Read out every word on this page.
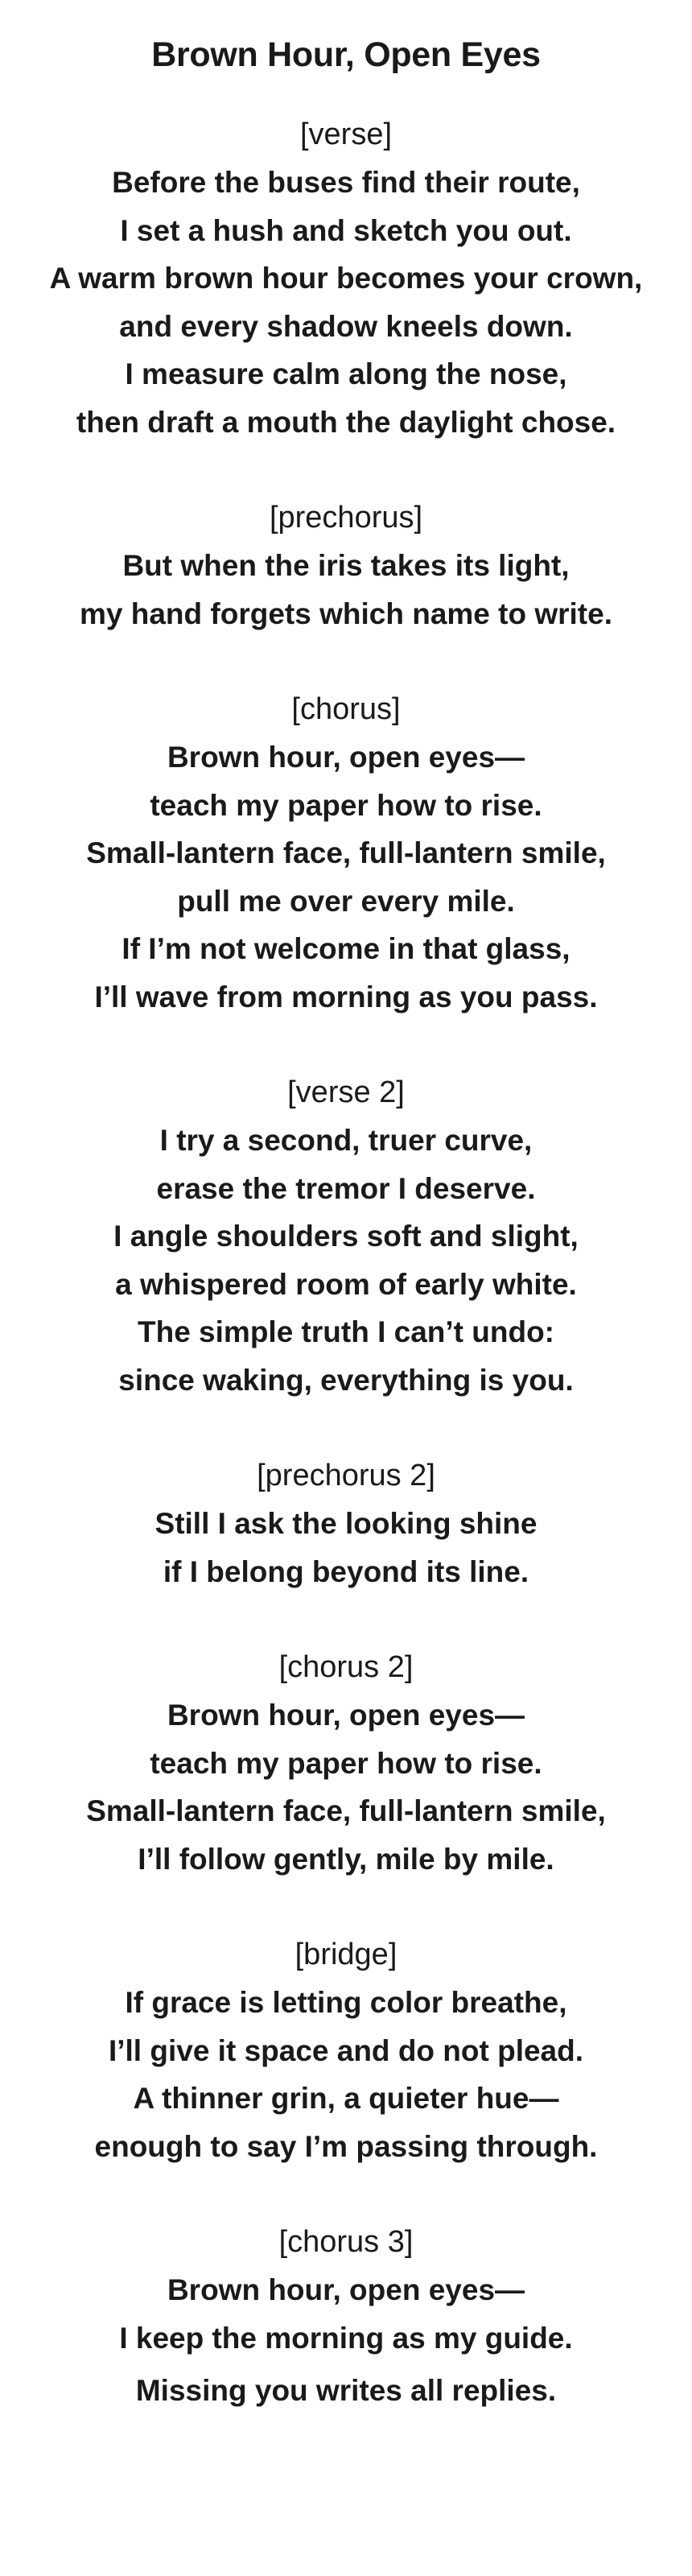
Brown Hour, Open Eyes
[verse]
Before the buses find their route,
I set a hush and sketch you out.
A warm brown hour becomes your crown,
and every shadow kneels down.
I measure calm along the nose,
then draft a mouth the daylight chose.
[prechorus]
But when the iris takes its light,
my hand forgets which name to write.
[chorus]
Brown hour, open eyes—
teach my paper how to rise.
Small-lantern face, full-lantern smile,
pull me over every mile.
If I’m not welcome in that glass,
I’ll wave from morning as you pass.
[verse 2]
I try a second, truer curve,
erase the tremor I deserve.
I angle shoulders soft and slight,
a whispered room of early white.
The simple truth I can’t undo:
since waking, everything is you.
[prechorus 2]
Still I ask the looking shine
if I belong beyond its line.
[chorus 2]
Brown hour, open eyes—
teach my paper how to rise.
Small-lantern face, full-lantern smile,
I’ll follow gently, mile by mile.
[bridge]
If grace is letting color breathe,
I’ll give it space and do not plead.
A thinner grin, a quieter hue—
enough to say I’m passing through.
[chorus 3]
Brown hour, open eyes—
I keep the morning as my guide.
Missing you writes all replies.
